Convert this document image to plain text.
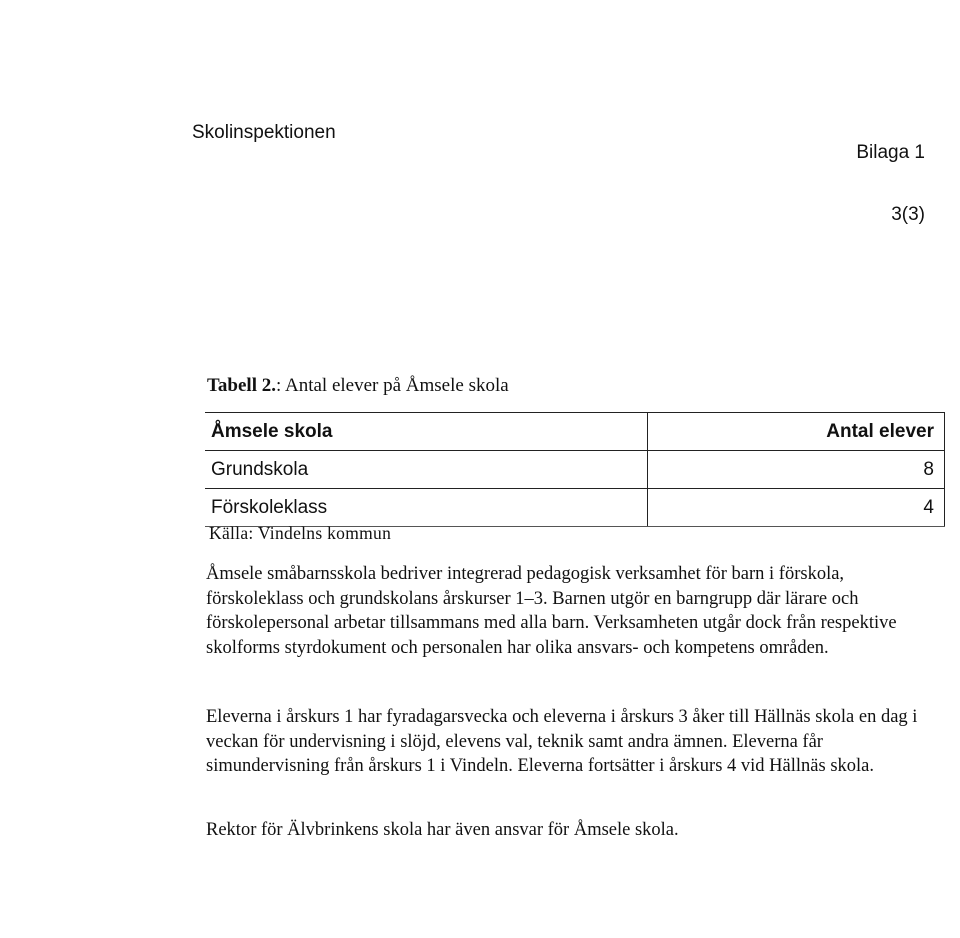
Skolinspektionen
Bilaga 1
3(3)
Tabell 2.: Antal elever på Åmsele skola
Åmsele skola	Antal elever
Grundskola	8
Förskoleklass	4
Källa: Vindelns kommun

Åmsele småbarnsskola bedriver integrerad pedagogisk verksamhet för barn i förskola, förskoleklass och grundskolans årskurser 1–3. Barnen utgör en barngrupp där lärare och förskolepersonal arbetar tillsammans med alla barn. Verksamheten utgår dock från respektive skolforms styrdokument och personalen har olika ansvars- och kompetens områden.

Eleverna i årskurs 1 har fyradagarsvecka och eleverna i årskurs 3 åker till Hällnäs skola en dag i veckan för undervisning i slöjd, elevens val, teknik samt andra ämnen. Eleverna får simundervisning från årskurs 1 i Vindeln. Eleverna fortsätter i årskurs 4 vid Hällnäs skola.

Rektor för Älvbrinkens skola har även ansvar för Åmsele skola.
